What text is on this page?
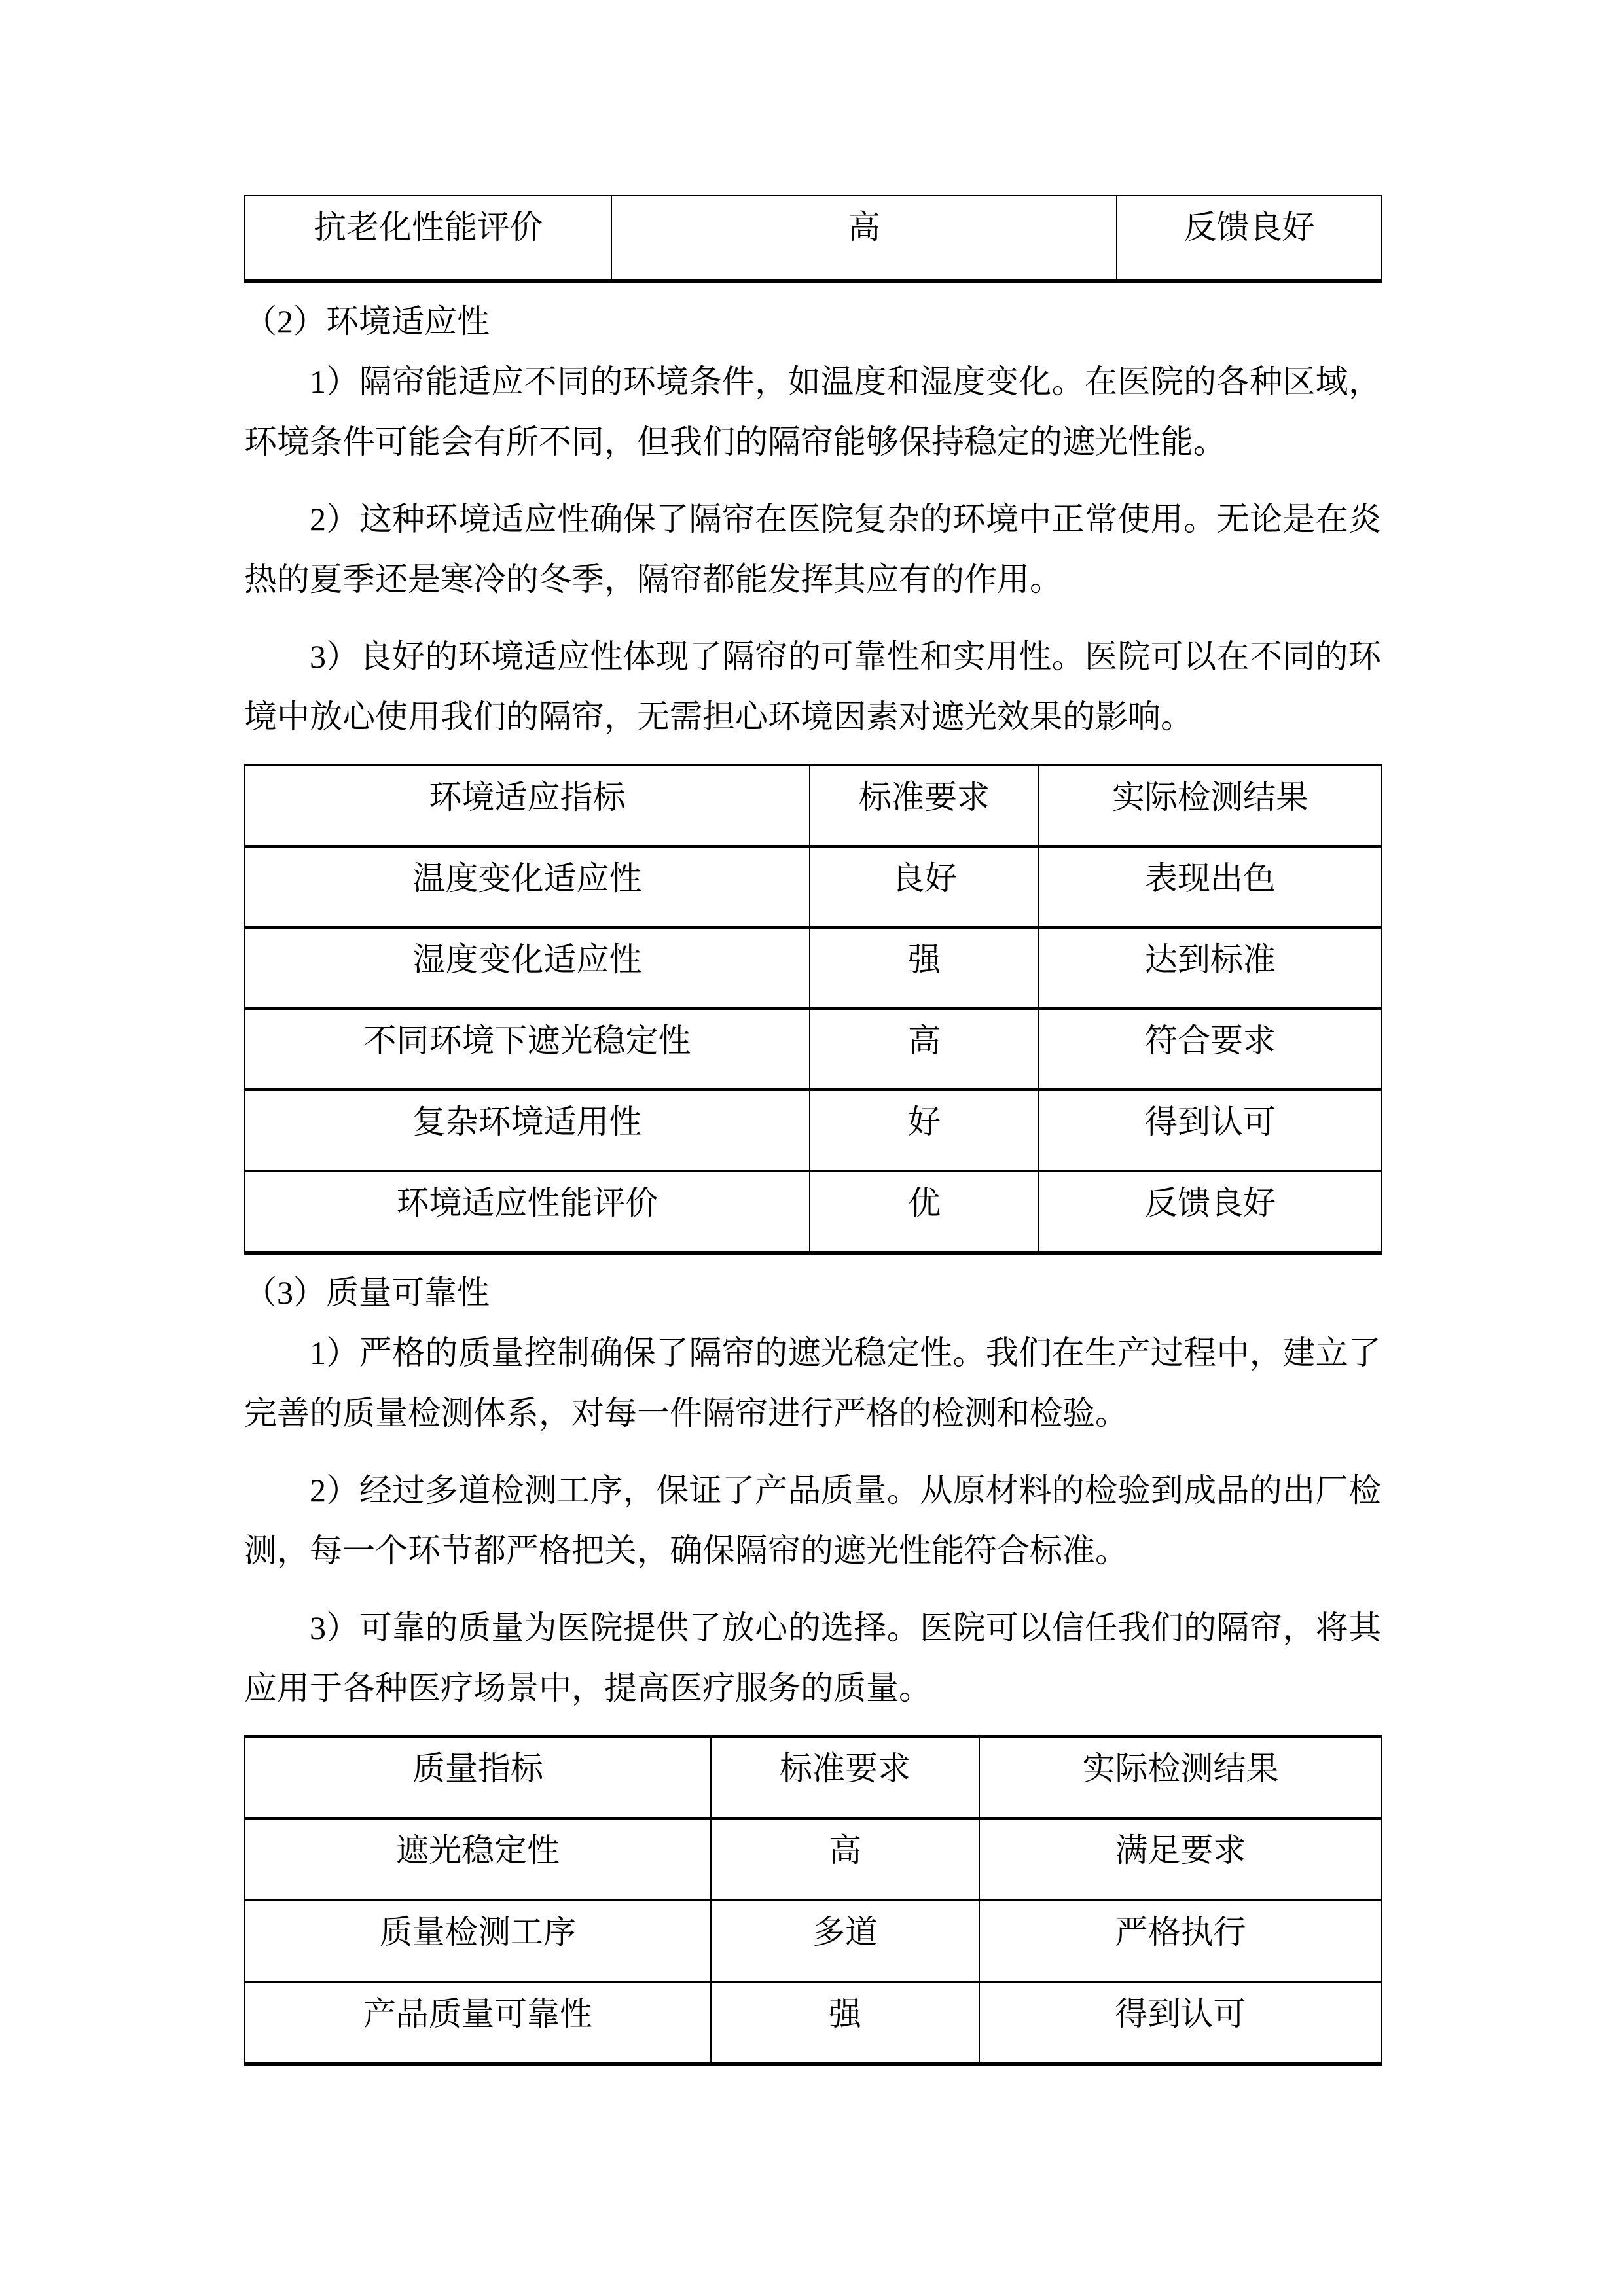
抗老化性能评价	高	反馈良好

（2）环境适应性

1）隔帘能适应不同的环境条件，如温度和湿度变化。在医院的各种区域，环境条件可能会有所不同，但我们的隔帘能够保持稳定的遮光性能。

2）这种环境适应性确保了隔帘在医院复杂的环境中正常使用。无论是在炎热的夏季还是寒冷的冬季，隔帘都能发挥其应有的作用。

3）良好的环境适应性体现了隔帘的可靠性和实用性。医院可以在不同的环境中放心使用我们的隔帘，无需担心环境因素对遮光效果的影响。

环境适应指标	标准要求	实际检测结果
温度变化适应性	良好	表现出色
湿度变化适应性	强	达到标准
不同环境下遮光稳定性	高	符合要求
复杂环境适用性	好	得到认可
环境适应性能评价	优	反馈良好

（3）质量可靠性

1）严格的质量控制确保了隔帘的遮光稳定性。我们在生产过程中，建立了完善的质量检测体系，对每一件隔帘进行严格的检测和检验。

2）经过多道检测工序，保证了产品质量。从原材料的检验到成品的出厂检测，每一个环节都严格把关，确保隔帘的遮光性能符合标准。

3）可靠的质量为医院提供了放心的选择。医院可以信任我们的隔帘，将其应用于各种医疗场景中，提高医疗服务的质量。

质量指标	标准要求	实际检测结果
遮光稳定性	高	满足要求
质量检测工序	多道	严格执行
产品质量可靠性	强	得到认可
